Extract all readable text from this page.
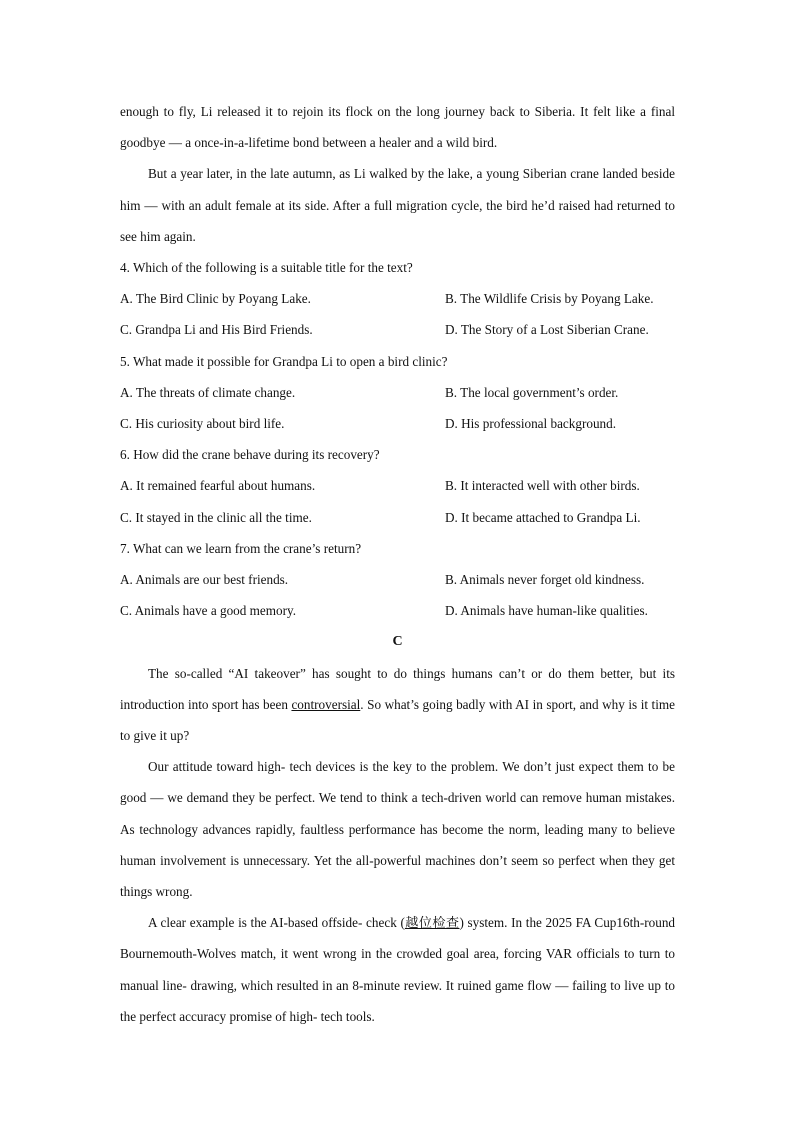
enough to fly, Li released it to rejoin its flock on the long journey back to Siberia. It felt like a final goodbye — a once-in-a-lifetime bond between a healer and a wild bird.

But a year later, in the late autumn, as Li walked by the lake, a young Siberian crane landed beside him — with an adult female at its side. After a full migration cycle, the bird he’d raised had returned to see him again.

4. Which of the following is a suitable title for the text?

A. The Bird Clinic by Poyang Lake.	B. The Wildlife Crisis by Poyang Lake.
C. Grandpa Li and His Bird Friends.	D. The Story of a Lost Siberian Crane.

5. What made it possible for Grandpa Li to open a bird clinic?

A. The threats of climate change.	B. The local government’s order.
C. His curiosity about bird life.	D. His professional background.

6. How did the crane behave during its recovery?

A. It remained fearful about humans.	B. It interacted well with other birds.
C. It stayed in the clinic all the time.	D. It became attached to Grandpa Li.

7. What can we learn from the crane’s return?

A. Animals are our best friends.	B. Animals never forget old kindness.
C. Animals have a good memory.	D. Animals have human-like qualities.

C

The so-called “AI takeover” has sought to do things humans can’t or do them better, but its introduction into sport has been controversial. So what’s going badly with AI in sport, and why is it time to give it up?

Our attitude toward high- tech devices is the key to the problem. We don’t just expect them to be good — we demand they be perfect. We tend to think a tech-driven world can remove human mistakes. As technology advances rapidly, faultless performance has become the norm, leading many to believe human involvement is unnecessary. Yet the all-powerful machines don’t seem so perfect when they get things wrong.

A clear example is the AI-based offside- check (越位检查) system. In the 2025 FA Cup16th-round Bournemouth-Wolves match, it went wrong in the crowded goal area, forcing VAR officials to turn to manual line- drawing, which resulted in an 8-minute review. It ruined game flow — failing to live up to the perfect accuracy promise of high- tech tools.
